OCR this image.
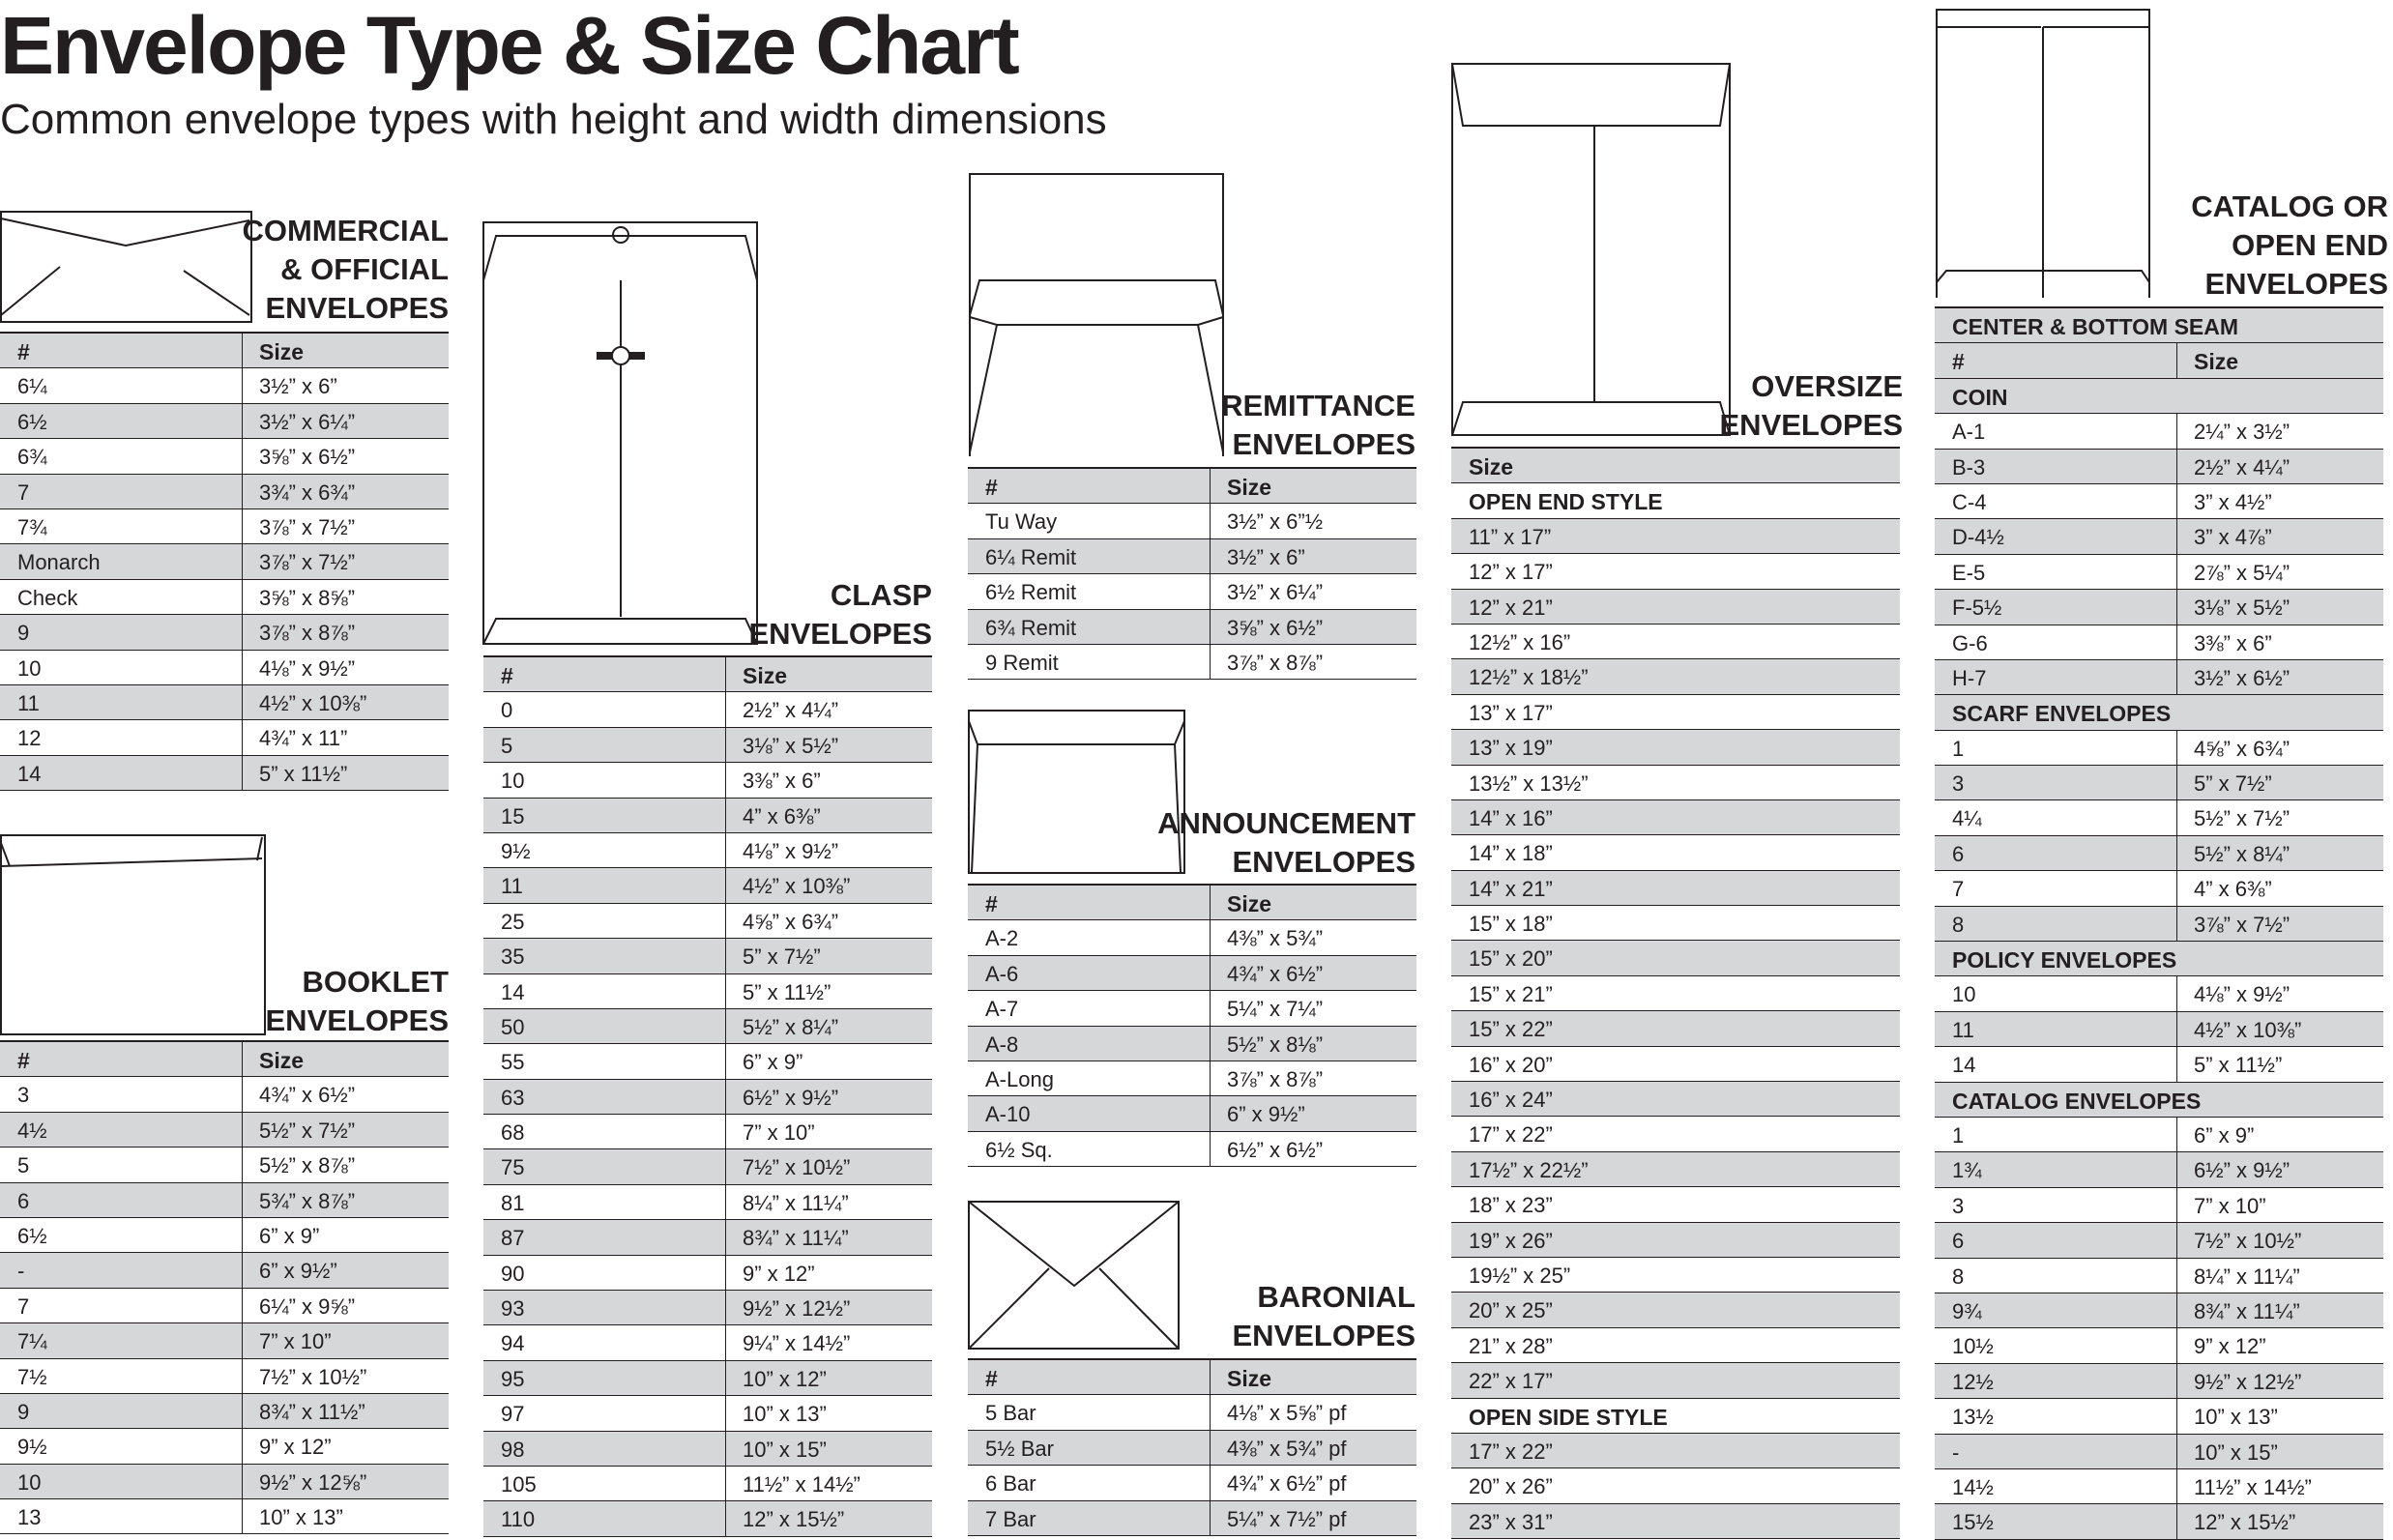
Envelope Type & Size Chart

Common envelope types with height and width dimensions

COMMERCIAL
& OFFICIAL
ENVELOPES
BOOKLET
ENVELOPES
CLASP
ENVELOPES
REMITTANCE
ENVELOPES
ANNOUNCEMENT
ENVELOPES
BARONIAL
ENVELOPES
OVERSIZE
ENVELOPES
CATALOG OR
OPEN END
ENVELOPES
#	Size
6¼	3½” x 6”
6½	3½” x 6¼”
6¾	3⅝” x 6½”
7	3¾” x 6¾”
7¾	3⅞” x 7½”
Monarch	3⅞” x 7½”
Check	3⅝” x 8⅝”
9	3⅞” x 8⅞”
10	4⅛” x 9½”
11	4½” x 10⅜”
12	4¾” x 11”
14	5” x 11½”
#	Size
3	4¾” x 6½”
4½	5½” x 7½”
5	5½” x 8⅞”
6	5¾” x 8⅞”
6½	6” x 9”
-	6” x 9½”
7	6¼” x 9⅝”
7¼	7” x 10”
7½	7½” x 10½”
9	8¾” x 11½”
9½	9” x 12”
10	9½” x 12⅝”
13	10” x 13”
#	Size
0	2½” x 4¼”
5	3⅛” x 5½”
10	3⅜” x 6”
15	4” x 6⅜”
9½	4⅛” x 9½”
11	4½” x 10⅜”
25	4⅝” x 6¾”
35	5” x 7½”
14	5” x 11½”
50	5½” x 8¼”
55	6” x 9”
63	6½” x 9½”
68	7” x 10”
75	7½” x 10½”
81	8¼” x 11¼”
87	8¾” x 11¼”
90	9” x 12”
93	9½” x 12½”
94	9¼” x 14½”
95	10” x 12”
97	10” x 13”
98	10” x 15”
105	11½” x 14½”
110	12” x 15½”
#	Size
Tu Way	3½” x 6”½
6¼ Remit	3½” x 6”
6½ Remit	3½” x 6¼”
6¾ Remit	3⅝” x 6½”
9 Remit	3⅞” x 8⅞”
#	Size
A-2	4⅜” x 5¾”
A-6	4¾” x 6½”
A-7	5¼” x 7¼”
A-8	5½” x 8⅛”
A-Long	3⅞” x 8⅞”
A-10	6” x 9½”
6½ Sq.	6½” x 6½”
#	Size
5 Bar	4⅛” x 5⅝” pf
5½ Bar	4⅜” x 5¾” pf
6 Bar	4¾” x 6½” pf
7 Bar	5¼” x 7½” pf
Size
OPEN END STYLE
11” x 17”
12” x 17”
12” x 21”
12½” x 16”
12½” x 18½”
13” x 17”
13” x 19”
13½” x 13½”
14” x 16”
14” x 18”
14” x 21”
15” x 18”
15” x 20”
15” x 21”
15” x 22”
16” x 20”
16” x 24”
17” x 22”
17½” x 22½”
18” x 23”
19” x 26”
19½” x 25”
20” x 25”
21” x 28”
22” x 17”
OPEN SIDE STYLE
17” x 22”
20” x 26”
23” x 31”
CENTER & BOTTOM SEAM
#	Size
COIN
A-1	2¼” x 3½”
B-3	2½” x 4¼”
C-4	3” x 4½”
D-4½	3” x 4⅞”
E-5	2⅞” x 5¼”
F-5½	3⅛” x 5½”
G-6	3⅜” x 6”
H-7	3½” x 6½”
SCARF ENVELOPES
1	4⅝” x 6¾”
3	5” x 7½”
4¼	5½” x 7½”
6	5½” x 8¼”
7	4” x 6⅜”
8	3⅞” x 7½”
POLICY ENVELOPES
10	4⅛” x 9½”
11	4½” x 10⅜”
14	5” x 11½”
CATALOG ENVELOPES
1	6” x 9”
1¾	6½” x 9½”
3	7” x 10”
6	7½” x 10½”
8	8¼” x 11¼”
9¾	8¾” x 11¼”
10½	9” x 12”
12½	9½” x 12½”
13½	10” x 13”
-	10” x 15”
14½	11½” x 14½”
15½	12” x 15½”
